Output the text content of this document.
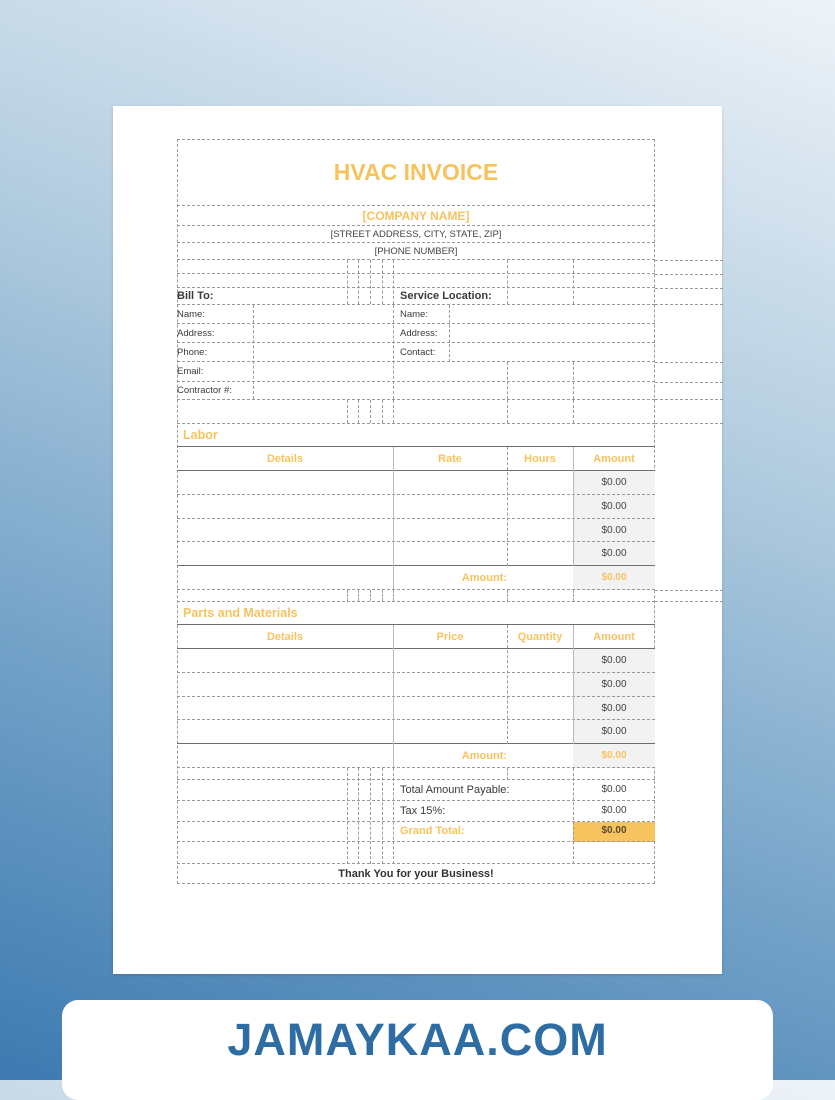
HVAC INVOICE
[COMPANY NAME]
[STREET ADDRESS, CITY, STATE, ZIP]
[PHONE NUMBER]
Bill To:	Service Location:
Name:	Name:
Address:	Address:
Phone:	Contact:
Email:
Contractor #:
Labor
Details	Rate	Hours	Amount
$0.00
$0.00
$0.00
$0.00
Amount:	$0.00
Parts and Materials
Details	Price	Quantity	Amount
$0.00
$0.00
$0.00
$0.00
Amount:	$0.00
Total Amount Payable:	$0.00
Tax 15%:	$0.00
Grand Total:	$0.00
Thank You for your Business!
JAMAYKAA.COM
